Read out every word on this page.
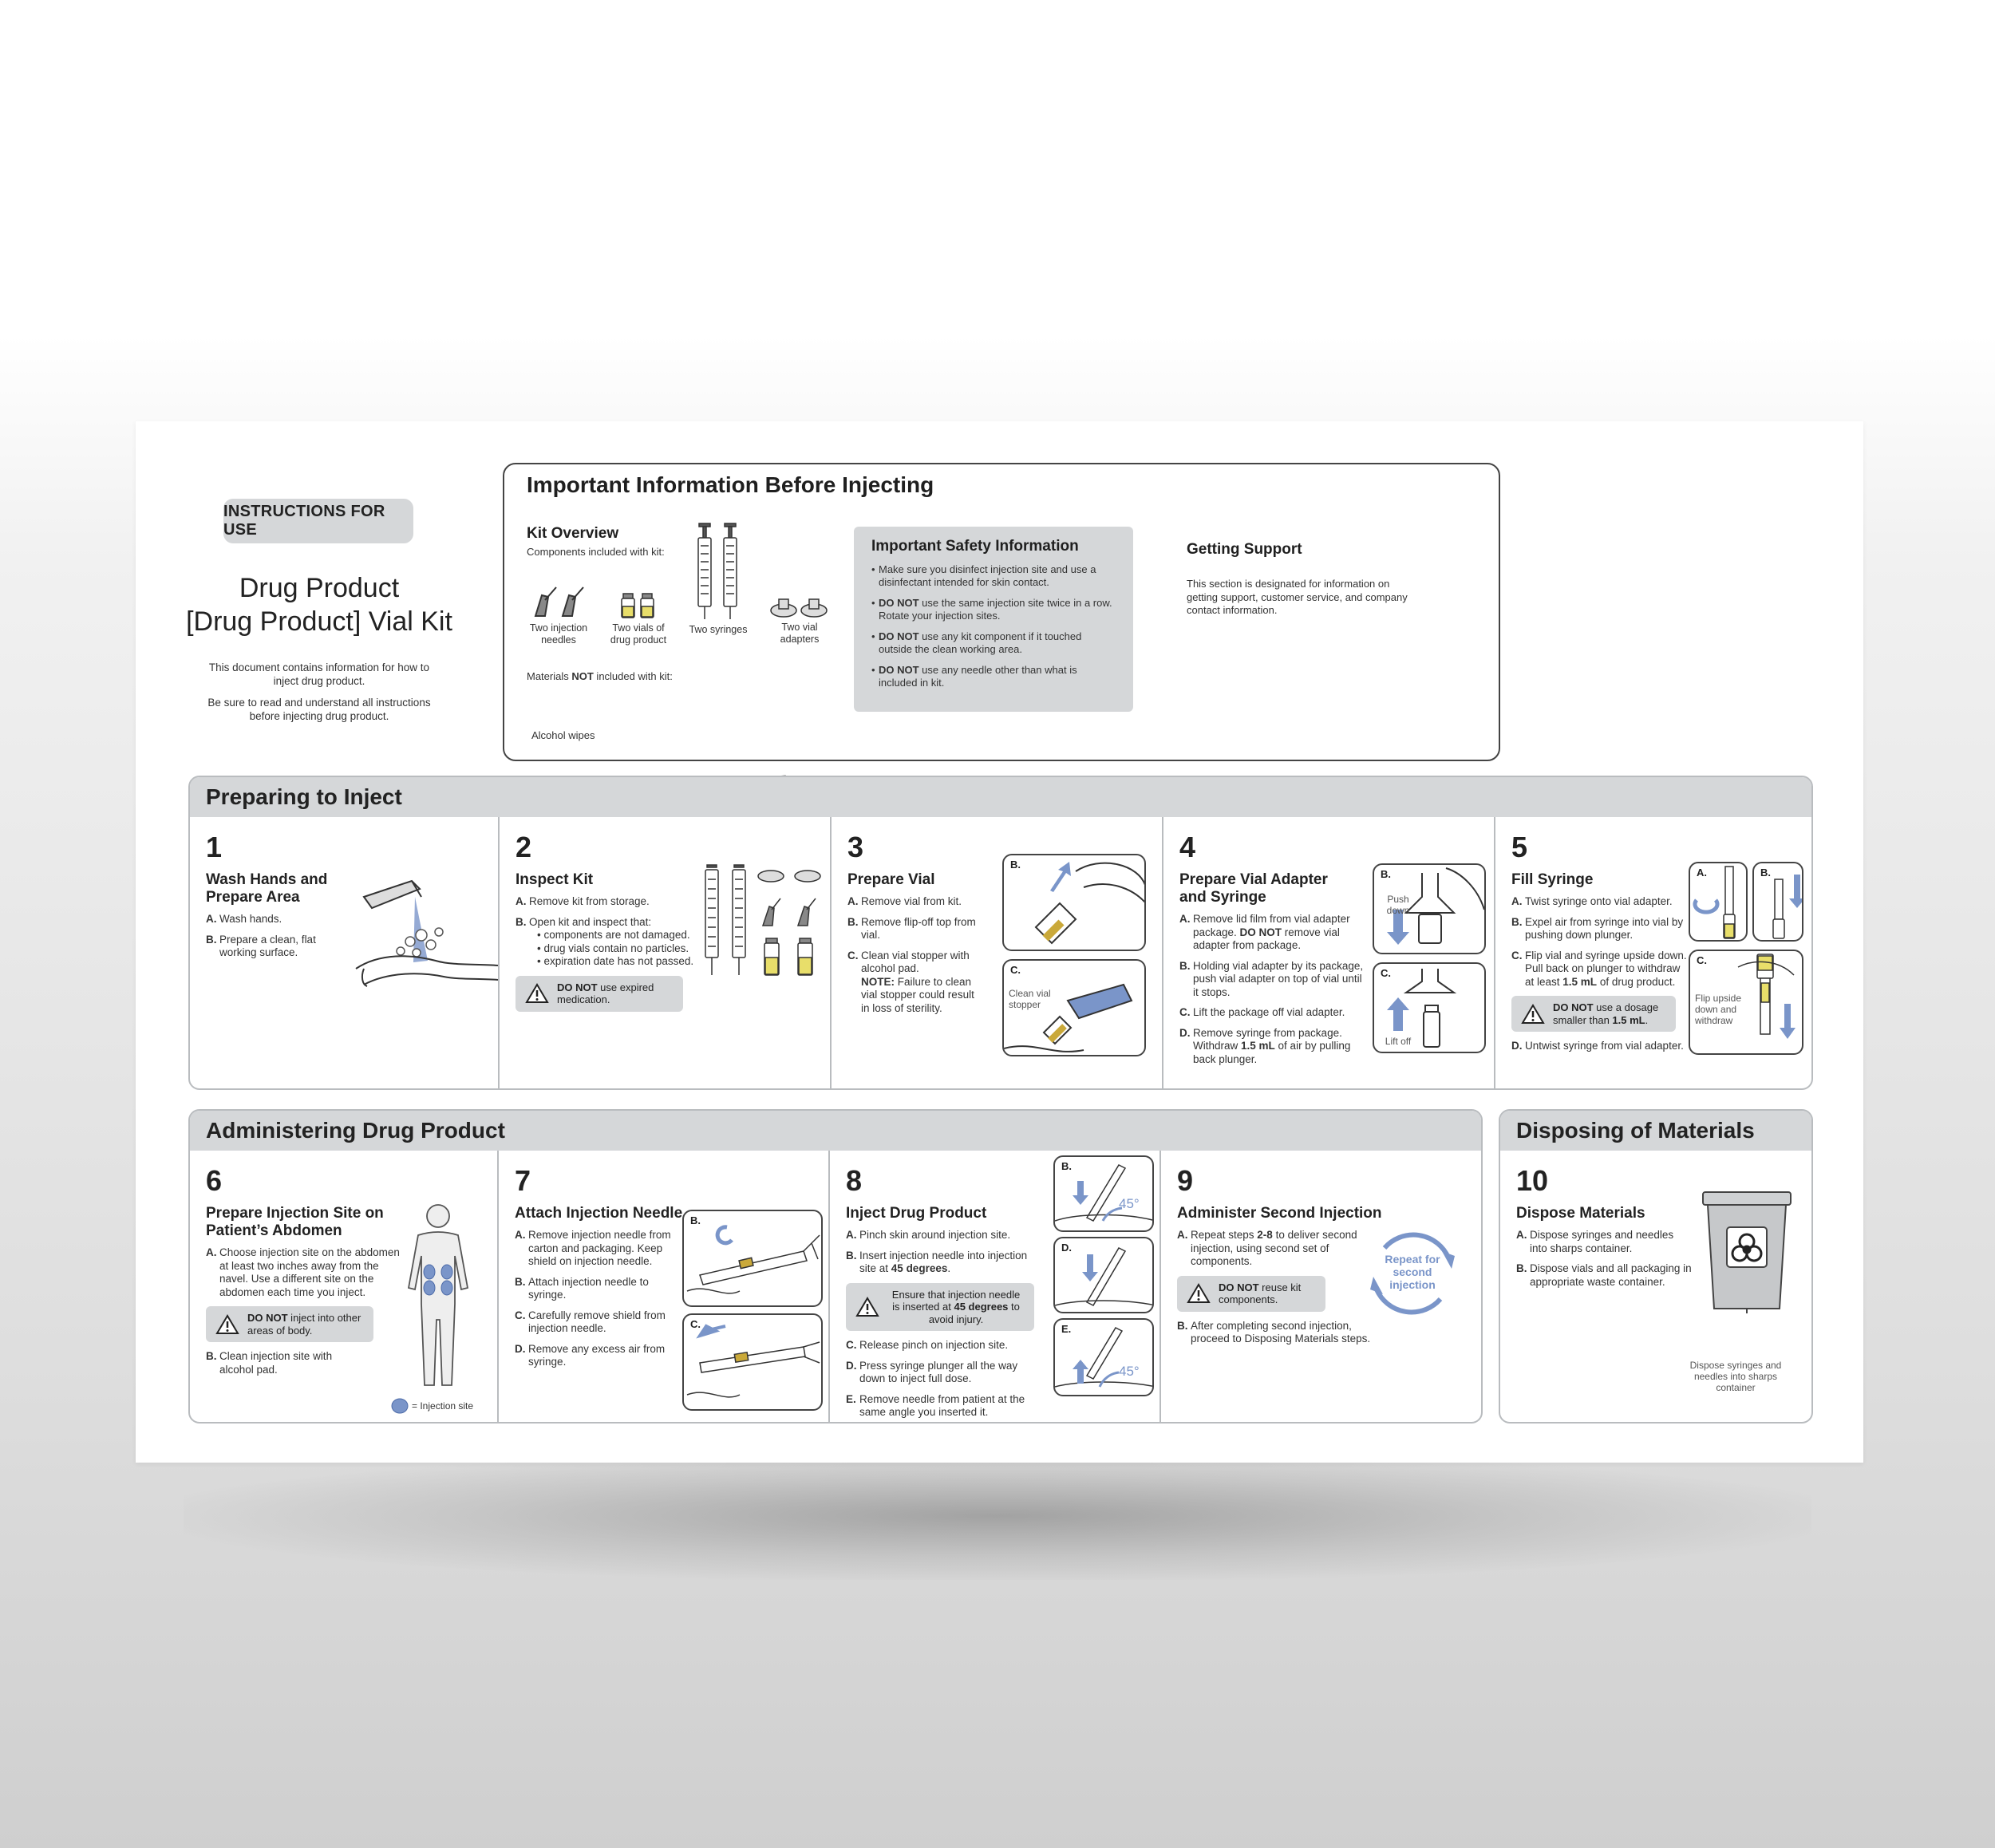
INSTRUCTIONS FOR USE
Drug Product
[Drug Product] Vial Kit

This document contains information for how to inject drug product.

Be sure to read and understand all instructions before injecting drug product.

Important Information Before Injecting
Kit Overview
Components included with kit:
Two injection needles
Two vials of drug product
Two syringes	Two vial adapters
Materials NOT included with kit:
Alcohol wipes
Important Safety Information
• Make sure you disinfect injection site and use a disinfectant intended for skin contact.
• DO NOT use the same injection site twice in a row. Rotate your injection sites.
• DO NOT use any kit component if it touched outside the clean working area.
• DO NOT use any needle other than what is included in kit.
Getting Support

This section is designated for information on getting support, customer service, and company contact information.

Preparing to Inject
1
Wash Hands and Prepare Area
A. Wash hands.
B. Prepare a clean, flat working surface.
2
Inspect Kit
A. Remove kit from storage.
B. Open kit and inspect that:
• components are not damaged.
• drug vials contain no particles.
• expiration date has not passed.
DO NOT use expired medication.
3
Prepare Vial
A. Remove vial from kit.
B. Remove flip-off top from vial.
C. Clean vial stopper with alcohol pad.
NOTE: Failure to clean vial stopper could result in loss of sterility.
B.
C.
Clean vial stopper
4
Prepare Vial Adapter and Syringe
A. Remove lid film from vial adapter package. DO NOT remove vial adapter from package.
B. Holding vial adapter by its package, push vial adapter on top of vial until it stops.
C. Lift the package off vial adapter.
D. Remove syringe from package. Withdraw 1.5 mL of air by pulling back plunger.
B.
Push down
C.
Lift off
5
Fill Syringe
A. Twist syringe onto vial adapter.
B. Expel air from syringe into vial by pushing down plunger.
C. Flip vial and syringe upside down. Pull back on plunger to withdraw at least 1.5 mL of drug product.
DO NOT use a dosage smaller than 1.5 mL.
D. Untwist syringe from vial adapter.
A.	B.
C.
Flip upside down and withdraw
Administering Drug Product
6
Prepare Injection Site on Patient’s Abdomen
A. Choose injection site on the abdomen at least two inches away from the navel. Use a different site on the abdomen each time you inject.
DO NOT inject into other areas of body.
B. Clean injection site with alcohol pad.
= Injection site
7
Attach Injection Needle
A. Remove injection needle from carton and packaging. Keep shield on injection needle.
B. Attach injection needle to syringe.
C. Carefully remove shield from injection needle.
D. Remove any excess air from syringe.
B.
C.
8
Inject Drug Product
A. Pinch skin around injection site.
B. Insert injection needle into injection site at 45 degrees.
Ensure that injection needle is inserted at 45 degrees to avoid injury.
C. Release pinch on injection site.
D. Press syringe plunger all the way down to inject full dose.
E. Remove needle from patient at the same angle you inserted it.
B.
45°
D.
E.
45°
9
Administer Second Injection
A. Repeat steps 2-8 to deliver second injection, using second set of components.
DO NOT reuse kit components.
B. After completing second injection, proceed to Disposing Materials steps.
Repeat for second injection
Disposing of Materials
10
Dispose Materials
A. Dispose syringes and needles into sharps container.
B. Dispose vials and all packaging in appropriate waste container.
Dispose syringes and needles into sharps container
